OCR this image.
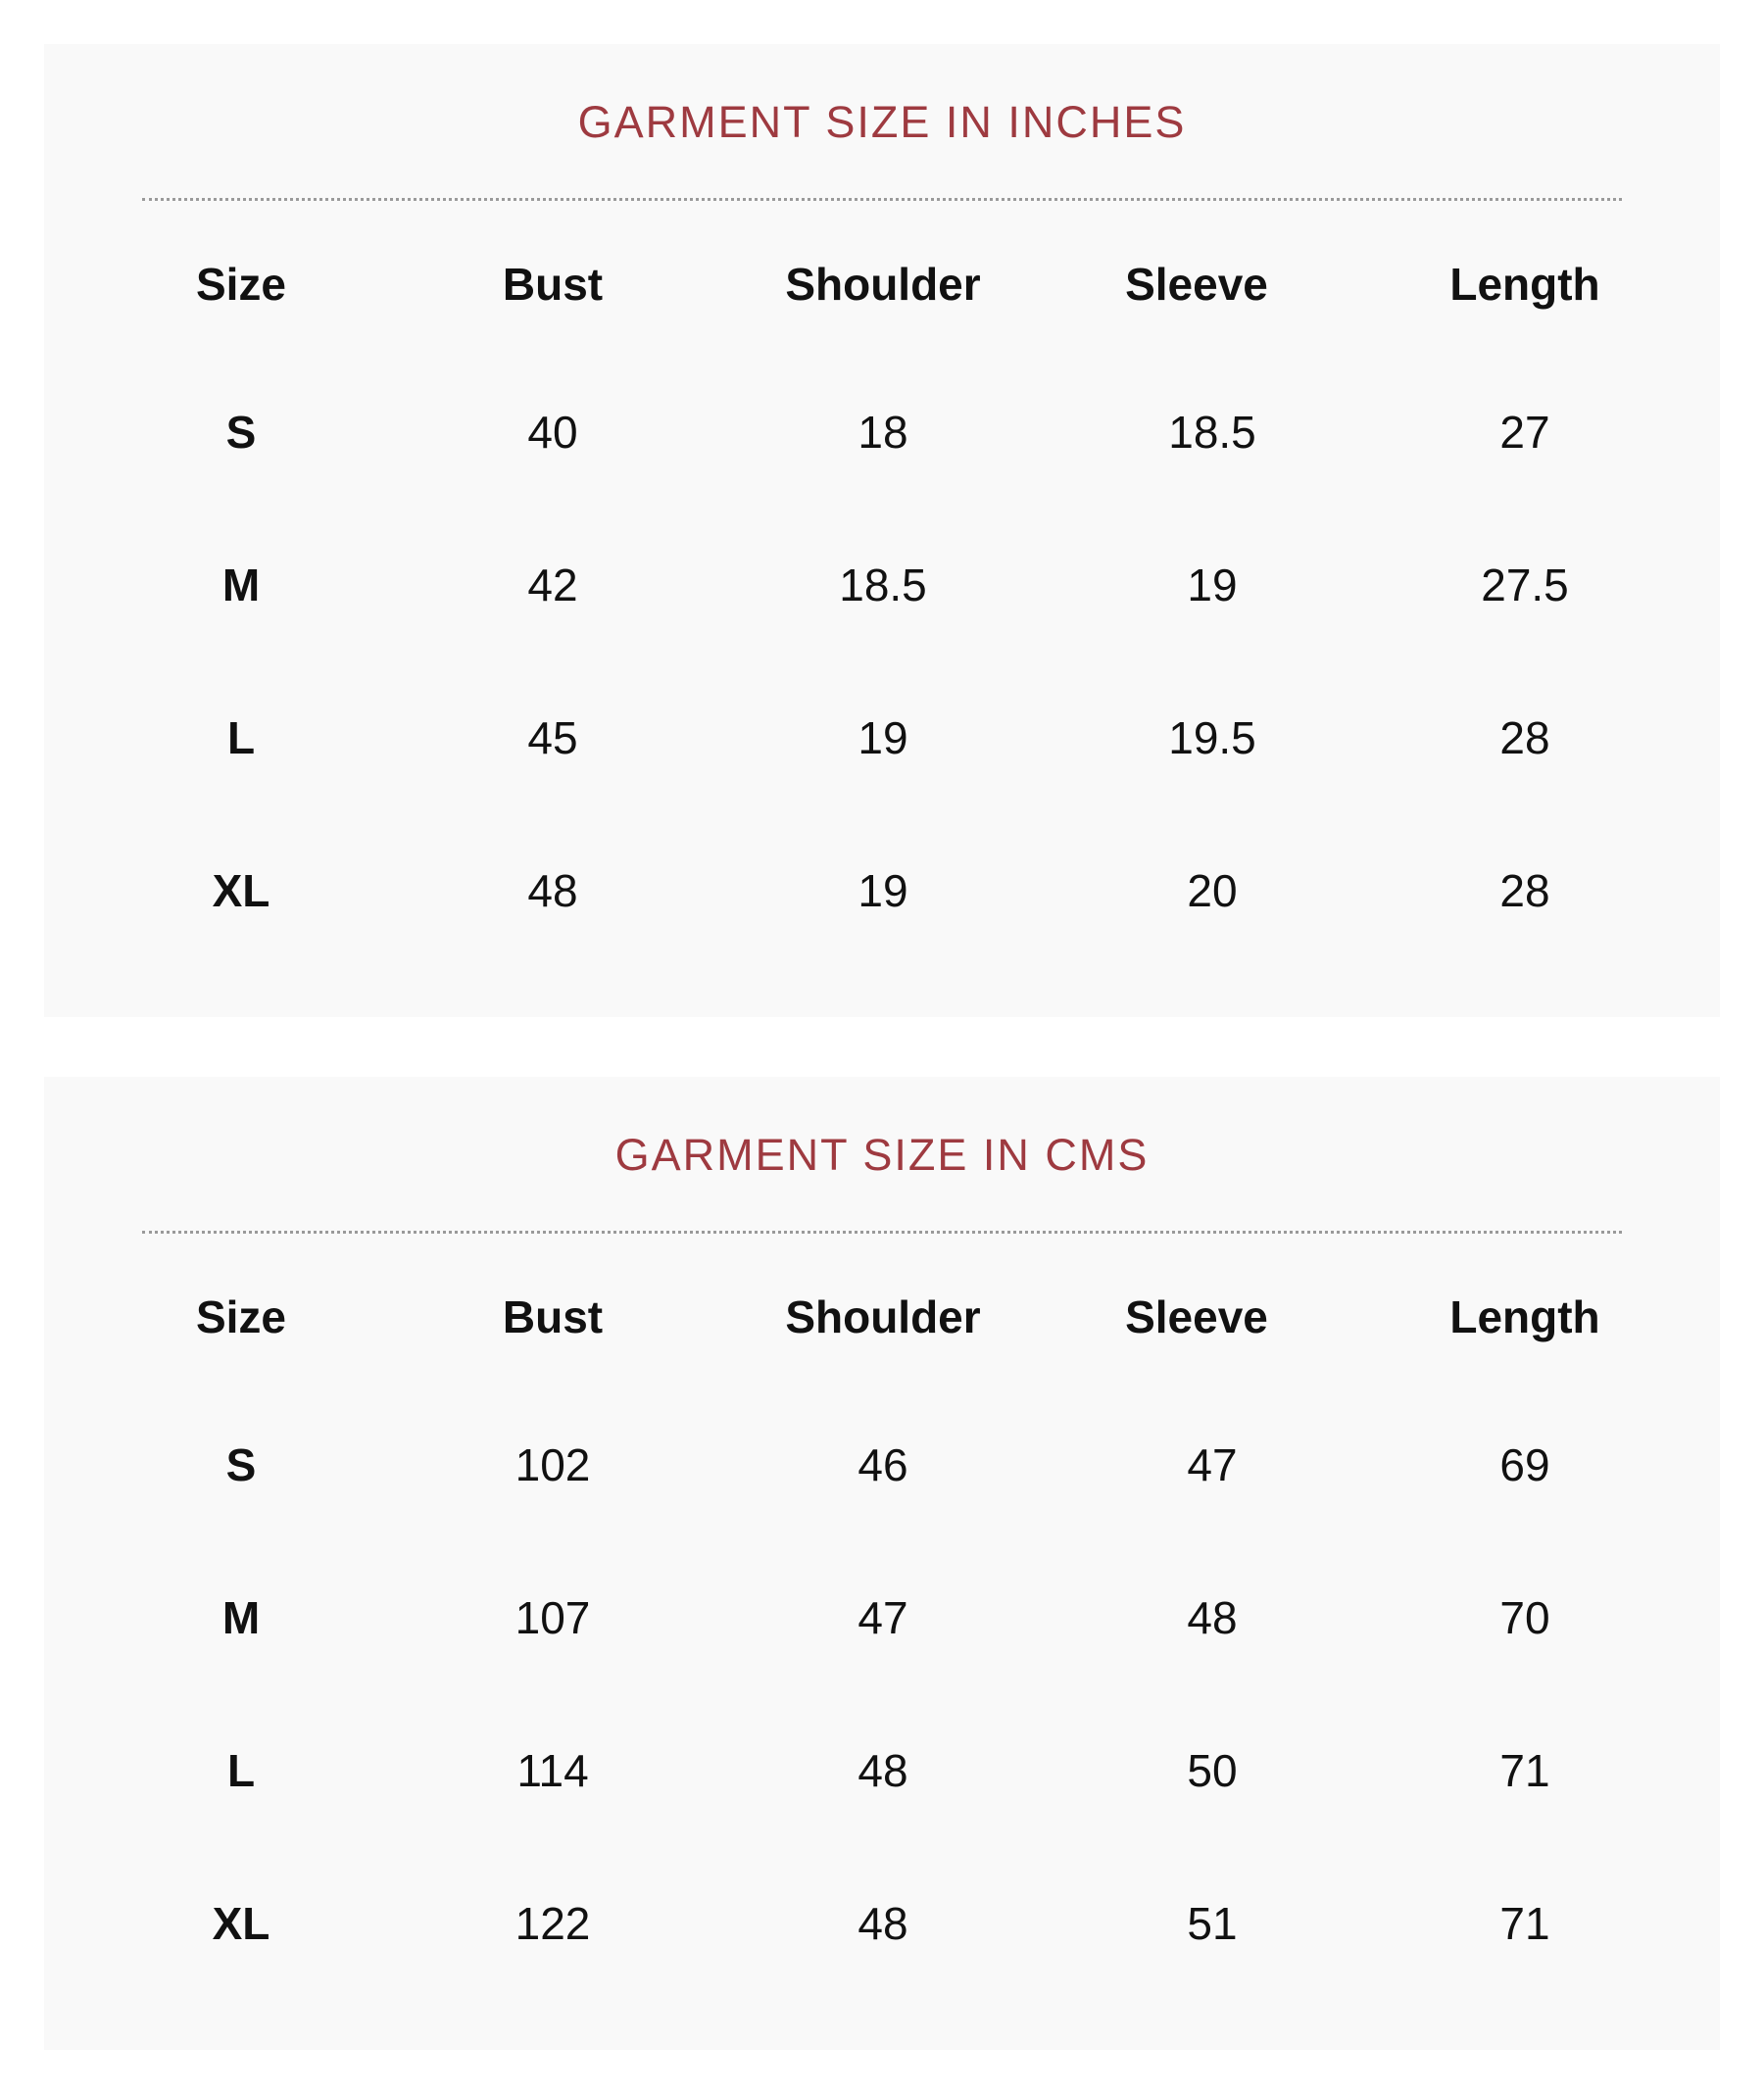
GARMENT SIZE IN INCHES
Size	Bust	Shoulder	Sleeve	Length
S	40	18	18.5	27
M	42	18.5	19	27.5
L	45	19	19.5	28
XL	48	19	20	28
GARMENT SIZE IN CMS
Size	Bust	Shoulder	Sleeve	Length
S	102	46	47	69
M	107	47	48	70
L	114	48	50	71
XL	122	48	51	71
